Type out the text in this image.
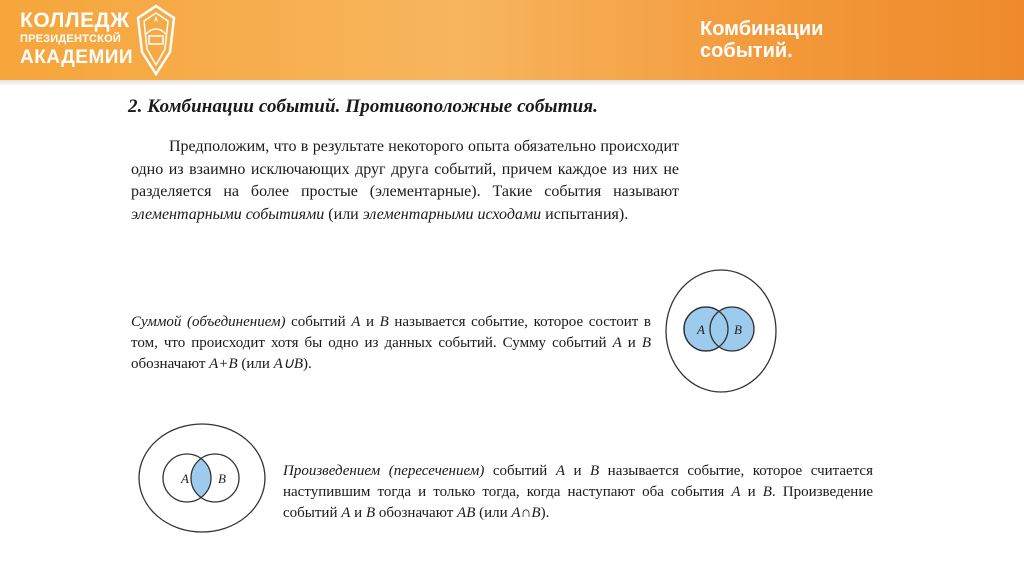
КОЛЛЕДЖ
ПРЕЗИДЕНТСКОЙ
АКАДЕМИИ
Комбинации
событий.
2. Комбинации событий. Противоположные события.
Предположим, что в результате некоторого опыта обязательно происходит одно из взаимно исключающих друг друга событий, причем каждое из них не разделяется на более простые (элементарные). Такие события называют элементарными событиями (или элементарными исходами испытания).
Суммой (объединением) событий A и B называется событие, которое состоит в том, что происходит хотя бы одно из данных событий. Сумму событий A и B обозначают A+B (или A∪B).
A B
A B	Произведением (пересечением) событий A и B называется событие, которое считается наступившим тогда и только тогда, когда наступают оба события A и B. Произведение событий A и B обозначают AB (или A∩B).
